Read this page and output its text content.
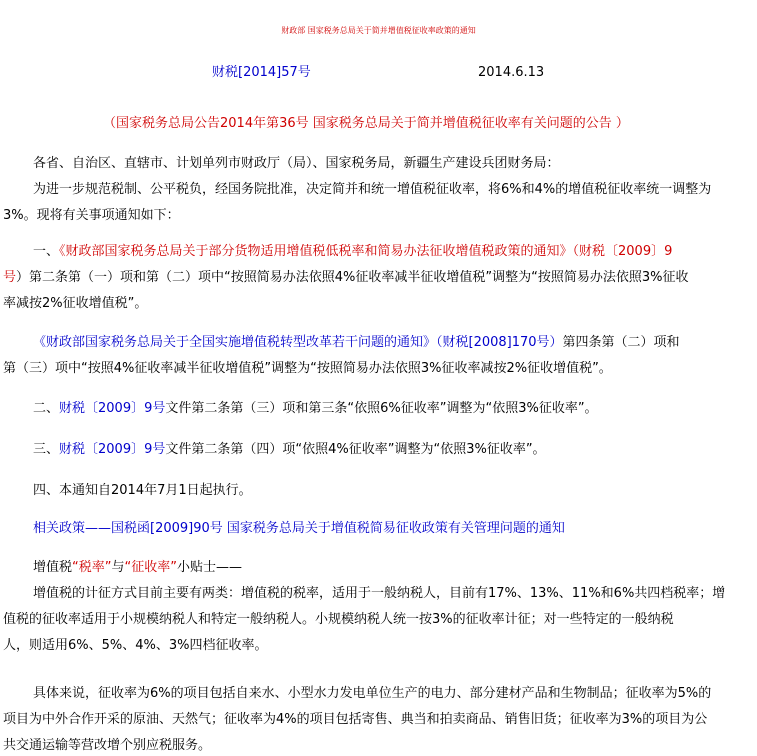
财政部 国家税务总局关于简并增值税征收率政策的通知
财税[2014]57号	2014.6.13
（国家税务总局公告2014年第36号 国家税务总局关于简并增值税征收率有关问题的公告 ）
各省、自治区、直辖市、计划单列市财政厅（局）、国家税务局，新疆生产建设兵团财务局：
为进一步规范税制、公平税负，经国务院批准，决定简并和统一增值税征收率，将6%和4%的增值税征收率统一调整为
3%。现将有关事项通知如下：
一、《财政部国家税务总局关于部分货物适用增值税低税率和简易办法征收增值税政策的通知》（财税〔2009〕9
号）第二条第（一）项和第（二）项中“按照简易办法依照4%征收率减半征收增值税”调整为“按照简易办法依照3%征收
率减按2%征收增值税”。
《财政部国家税务总局关于全国实施增值税转型改革若干问题的通知》（财税[2008]170号）第四条第（二）项和
第（三）项中“按照4%征收率减半征收增值税”调整为“按照简易办法依照3%征收率减按2%征收增值税”。
二、财税〔2009〕9号文件第二条第（三）项和第三条“依照6%征收率”调整为“依照3%征收率”。
三、财税〔2009〕9号文件第二条第（四）项“依照4%征收率”调整为“依照3%征收率”。
四、本通知自2014年7月1日起执行。
相关政策——国税函[2009]90号 国家税务总局关于增值税简易征收政策有关管理问题的通知
增值税“税率”与“征收率”小贴士——
增值税的计征方式目前主要有两类：增值税的税率，适用于一般纳税人，目前有17%、13%、11%和6%共四档税率；增
值税的征收率适用于小规模纳税人和特定一般纳税人。小规模纳税人统一按3%的征收率计征；对一些特定的一般纳税
人，则适用6%、5%、4%、3%四档征收率。
具体来说，征收率为6%的项目包括自来水、小型水力发电单位生产的电力、部分建材产品和生物制品；征收率为5%的
项目为中外合作开采的原油、天然气；征收率为4%的项目包括寄售、典当和拍卖商品、销售旧货；征收率为3%的项目为公
共交通运输等营改增个别应税服务。
